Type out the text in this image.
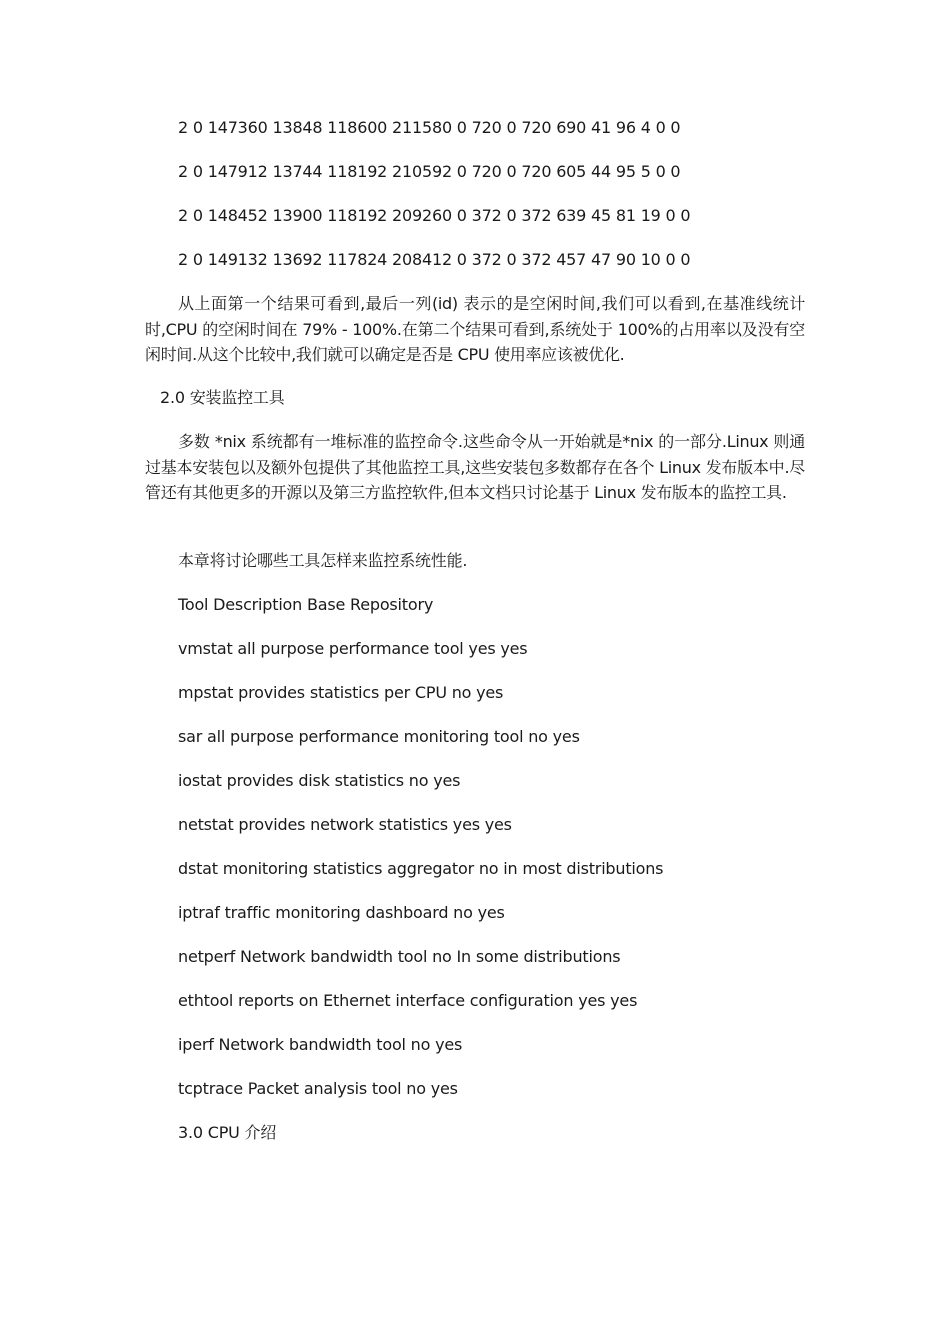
2 0 147360 13848 118600 211580 0 720 0 720 690 41 96 4 0 0
2 0 147912 13744 118192 210592 0 720 0 720 605 44 95 5 0 0
2 0 148452 13900 118192 209260 0 372 0 372 639 45 81 19 0 0
2 0 149132 13692 117824 208412 0 372 0 372 457 47 90 10 0 0
从上面第一个结果可看到,最后一列(id) 表示的是空闲时间,我们可以看到,在基准线统计时,CPU 的空闲时间在 79% - 100%.在第二个结果可看到,系统处于 100%的占用率以及没有空闲时间.从这个比较中,我们就可以确定是否是 CPU 使用率应该被优化.
2.0 安装监控工具
多数 *nix 系统都有一堆标准的监控命令.这些命令从一开始就是*nix 的一部分.Linux 则通过基本安装包以及额外包提供了其他监控工具,这些安装包多数都存在各个 Linux 发布版本中.尽管还有其他更多的开源以及第三方监控软件,但本文档只讨论基于 Linux 发布版本的监控工具.
本章将讨论哪些工具怎样来监控系统性能.
Tool Description Base Repository
vmstat all purpose performance tool yes yes
mpstat provides statistics per CPU no yes
sar all purpose performance monitoring tool no yes
iostat provides disk statistics no yes
netstat provides network statistics yes yes
dstat monitoring statistics aggregator no in most distributions
iptraf traffic monitoring dashboard no yes
netperf Network bandwidth tool no In some distributions
ethtool reports on Ethernet interface configuration yes yes
iperf Network bandwidth tool no yes
tcptrace Packet analysis tool no yes
3.0 CPU 介绍
